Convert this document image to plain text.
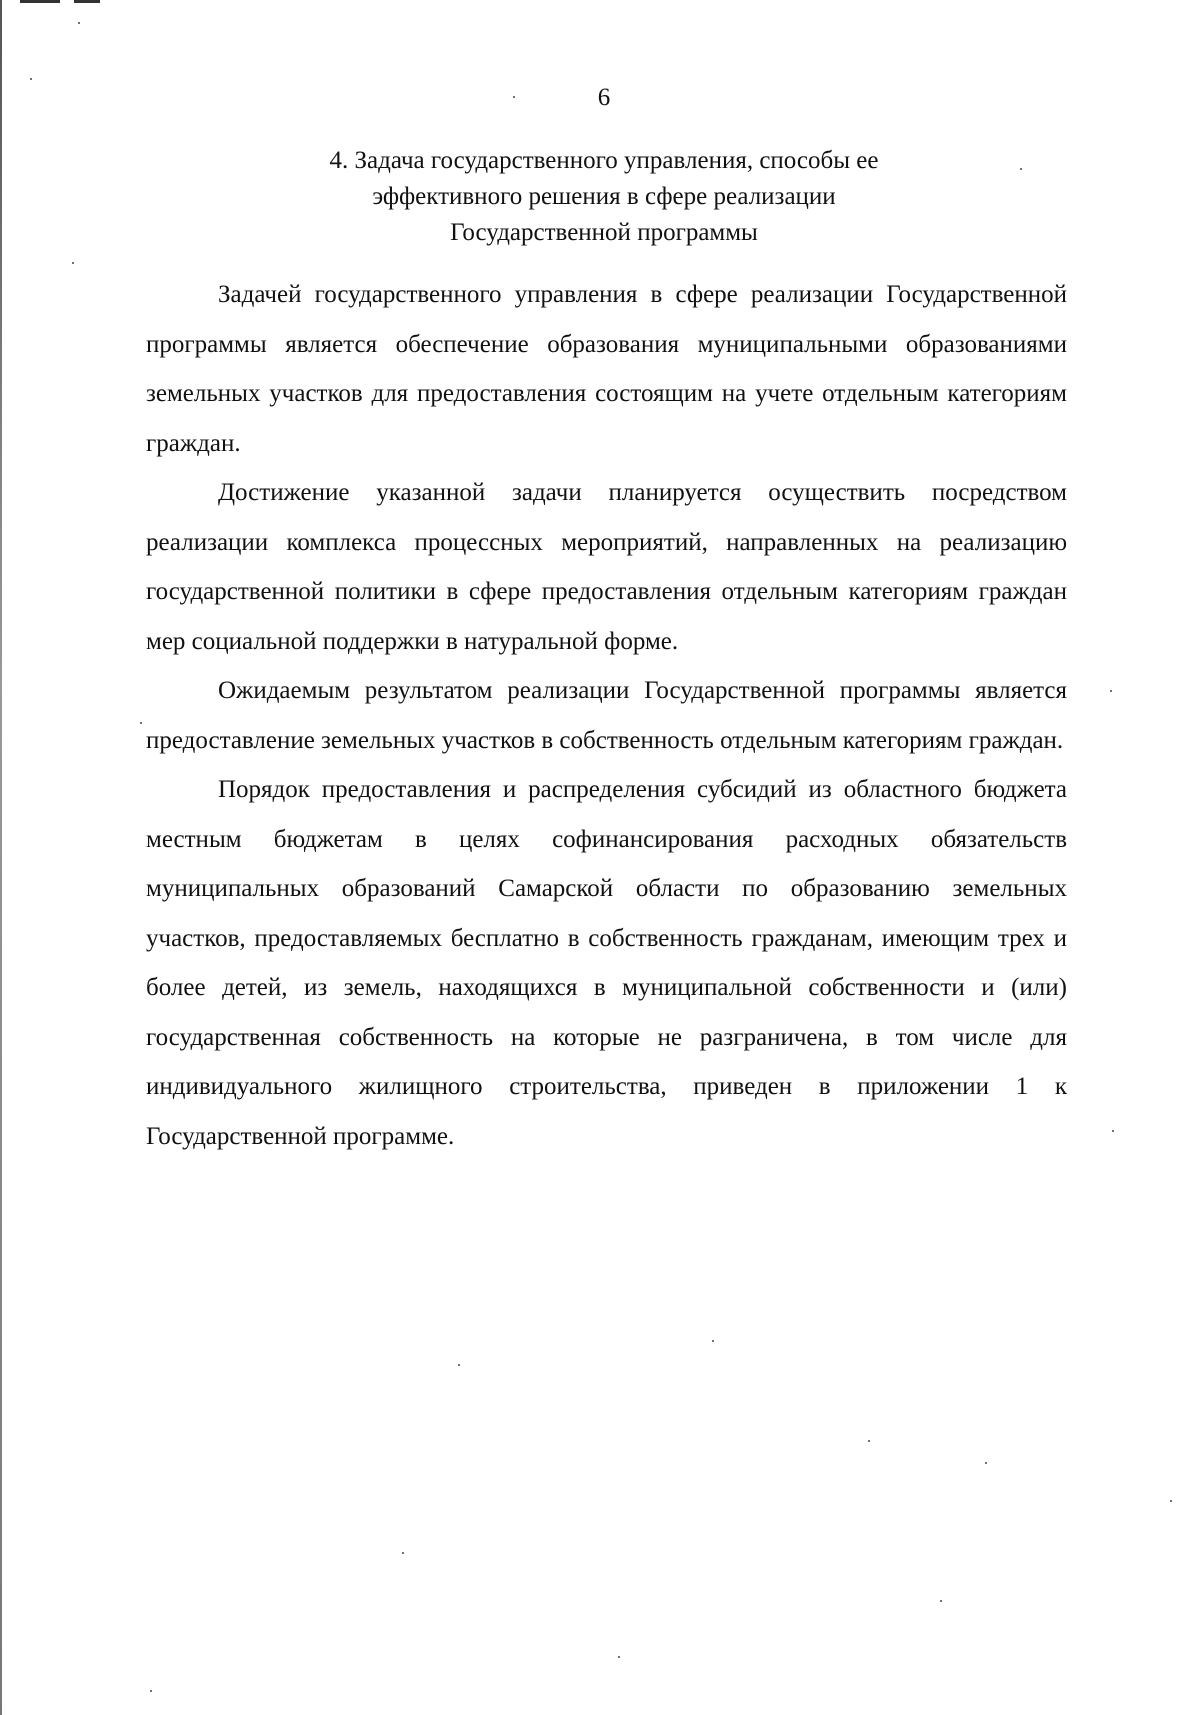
6
4. Задача государственного управления, способы ее
эффективного решения в сфере реализации
Государственной программы

Задачей государственного управления в сфере реализации Государственной программы является обеспечение образования муниципальными образованиями земельных участков для предоставления состоящим на учете отдельным категориям граждан.

Достижение указанной задачи планируется осуществить посредством реализации комплекса процессных мероприятий, направленных на реализацию государственной политики в сфере предоставления отдельным категориям граждан мер социальной поддержки в натуральной форме.

Ожидаемым результатом реализации Государственной программы является предоставление земельных участков в собственность отдельным категориям граждан.

Порядок предоставления и распределения субсидий из областного бюджета местным бюджетам в целях софинансирования расходных обязательств муниципальных образований Самарской области по образованию земельных участков, предоставляемых бесплатно в собственность гражданам, имеющим трех и более детей, из земель, находящихся в муниципальной собственности и (или) государственная собственность на которые не разграничена, в том числе для индивидуального жилищного строительства, приведен в приложении 1 к Государственной программе.
